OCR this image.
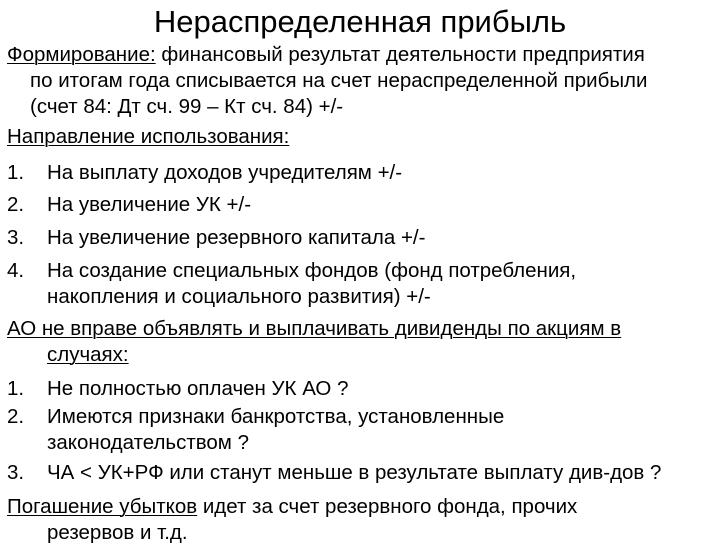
Нераспределенная прибыль
Формирование: финансовый результат деятельности предприятия
по итогам года списывается на счет нераспределенной прибыли
(счет 84: Дт сч. 99 – Кт сч. 84) +/-
Направление использования:
1. На выплату доходов учредителям +/-
2. На увеличение УК +/-
3. На увеличение резервного капитала +/-
4. На создание специальных фондов (фонд потребления,
накопления и социального развития) +/-
АО не вправе объявлять и выплачивать дивиденды по акциям в
случаях:
1. Не полностью оплачен УК АО ?
2. Имеются признаки банкротства, установленные
законодательством ?
3. ЧА < УК+РФ или станут меньше в результате выплату див-дов ?
Погашение убытков идет за счет резервного фонда, прочих
резервов и т.д.
